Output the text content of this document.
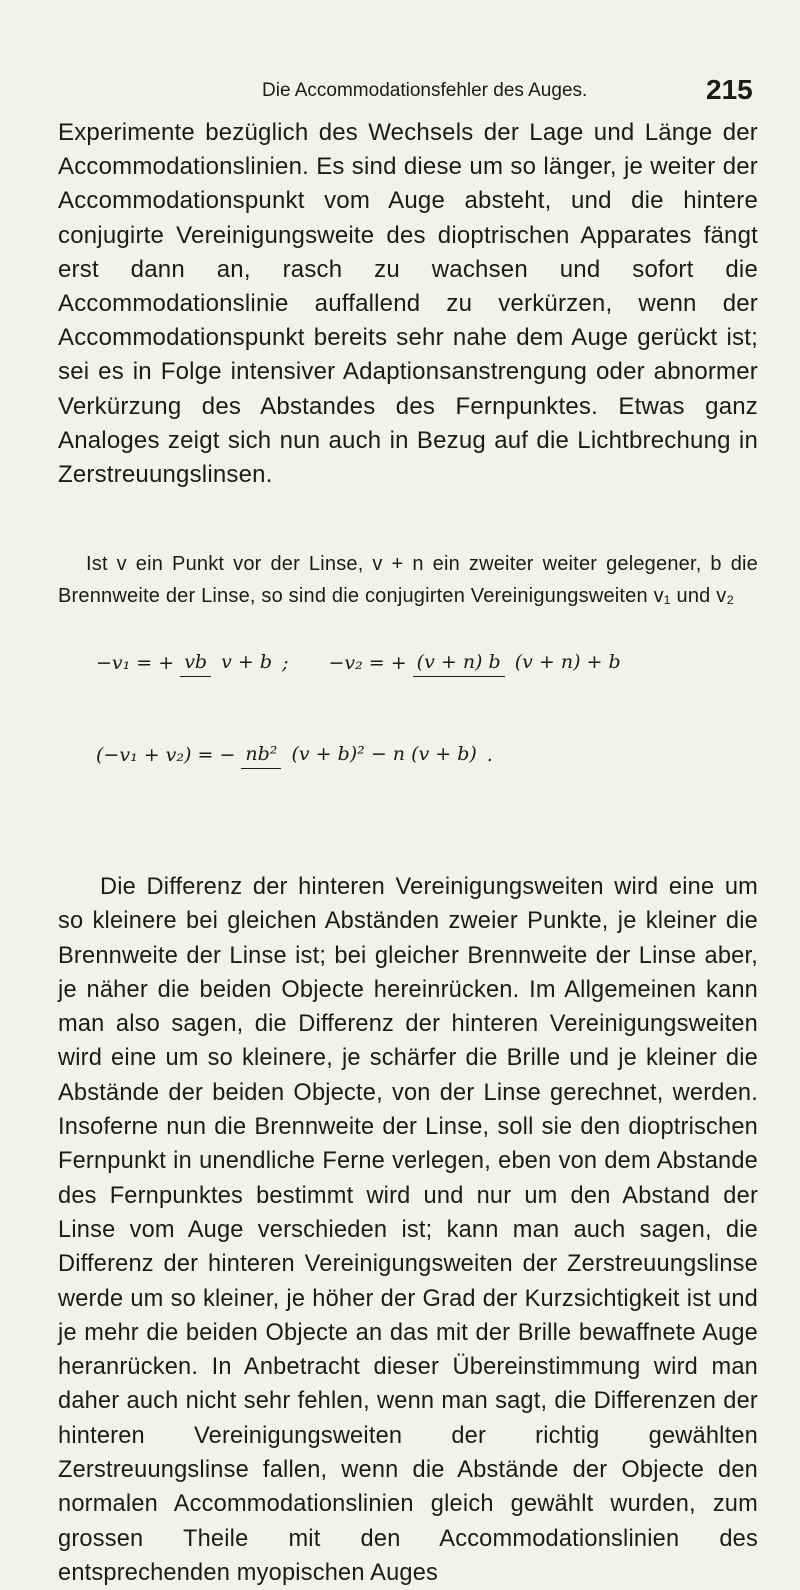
Die Accommodationsfehler des Auges.	215

Experimente bezüglich des Wechsels der Lage und Länge der Accommodationslinien. Es sind diese um so länger, je weiter der Accommodationspunkt vom Auge absteht, und die hintere conjugirte Vereinigungsweite des dioptrischen Apparates fängt erst dann an, rasch zu wachsen und sofort die Accommodationslinie auffallend zu verkürzen, wenn der Accommodationspunkt bereits sehr nahe dem Auge gerückt ist; sei es in Folge intensiver Adaptionsanstrengung oder abnormer Verkürzung des Abstandes des Fernpunktes. Etwas ganz Analoges zeigt sich nun auch in Bezug auf die Lichtbrechung in Zerstreuungslinsen.

Ist v ein Punkt vor der Linse, v + n ein zweiter weiter gelegener, b die Brennweite der Linse, so sind die conjugirten Vereinigungsweiten v₁ und v₂

−v₁ = + vb v + b ; −v₂ = + (v + n) b (v + n) + b
(−v₁ + v₂) = − nb² (v + b)² − n (v + b) .

Die Differenz der hinteren Vereinigungsweiten wird eine um so kleinere bei gleichen Abständen zweier Punkte, je kleiner die Brennweite der Linse ist; bei gleicher Brennweite der Linse aber, je näher die beiden Objecte hereinrücken. Im Allgemeinen kann man also sagen, die Differenz der hinteren Vereinigungsweiten wird eine um so kleinere, je schärfer die Brille und je kleiner die Abstände der beiden Objecte, von der Linse gerechnet, werden. Insoferne nun die Brennweite der Linse, soll sie den dioptrischen Fernpunkt in unendliche Ferne verlegen, eben von dem Abstande des Fernpunktes bestimmt wird und nur um den Abstand der Linse vom Auge verschieden ist; kann man auch sagen, die Differenz der hinteren Vereinigungsweiten der Zerstreuungslinse werde um so kleiner, je höher der Grad der Kurzsichtigkeit ist und je mehr die beiden Objecte an das mit der Brille bewaffnete Auge heranrücken. In Anbetracht dieser Übereinstimmung wird man daher auch nicht sehr fehlen, wenn man sagt, die Differenzen der hinteren Vereinigungsweiten der richtig gewählten Zerstreuungslinse fallen, wenn die Abstände der Objecte den normalen Accommodationslinien gleich gewählt wurden, zum grossen Theile mit den Accommodationslinien des entsprechenden myopischen Auges
